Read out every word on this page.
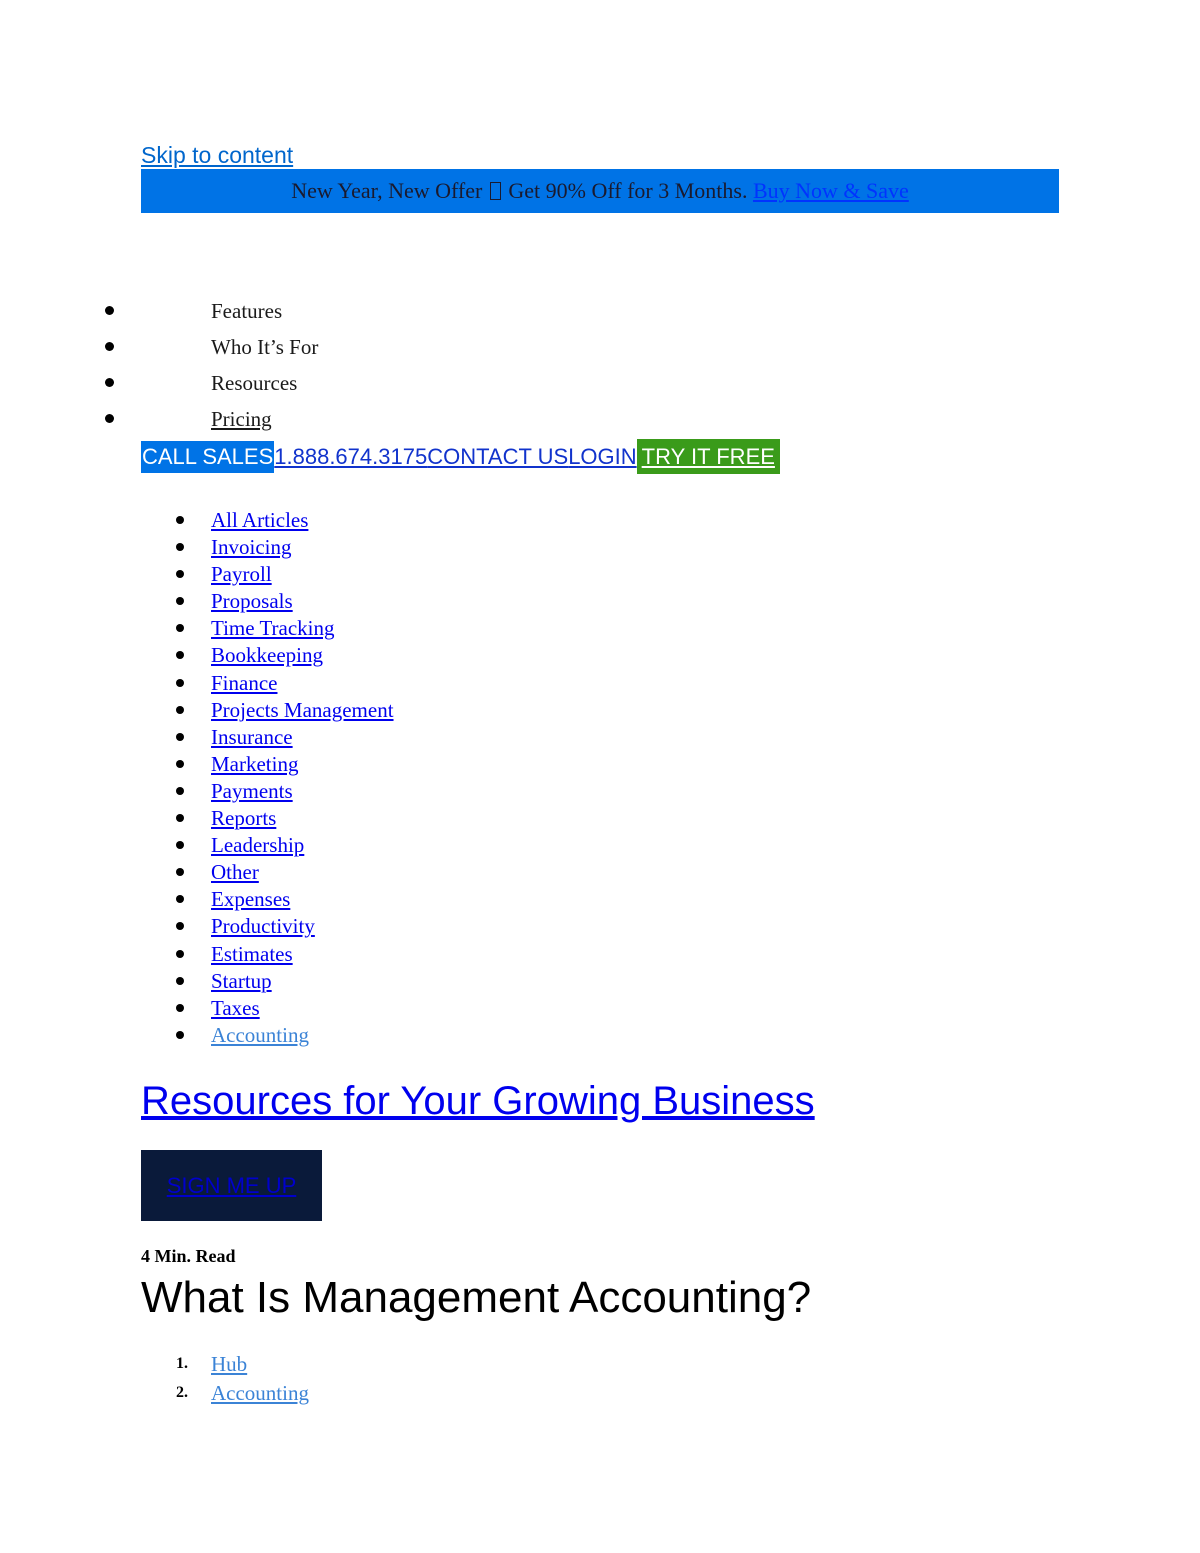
Skip to content
New Year, New Offer Get 90% Off for 3 Months.
Buy Now & Save
Features
Who It’s For
Resources
Pricing
CALL SALES 1.888.674.3175 CONTACT US LOGIN TRY IT FREE
All Articles
Invoicing
Payroll
Proposals
Time Tracking
Bookkeeping
Finance
Projects Management
Insurance
Marketing
Payments
Reports
Leadership
Other
Expenses
Productivity
Estimates
Startup
Taxes
Accounting
Resources for Your Growing Business
SIGN ME UP
4 Min. Read
What Is Management Accounting?
1. Hub
2. Accounting
